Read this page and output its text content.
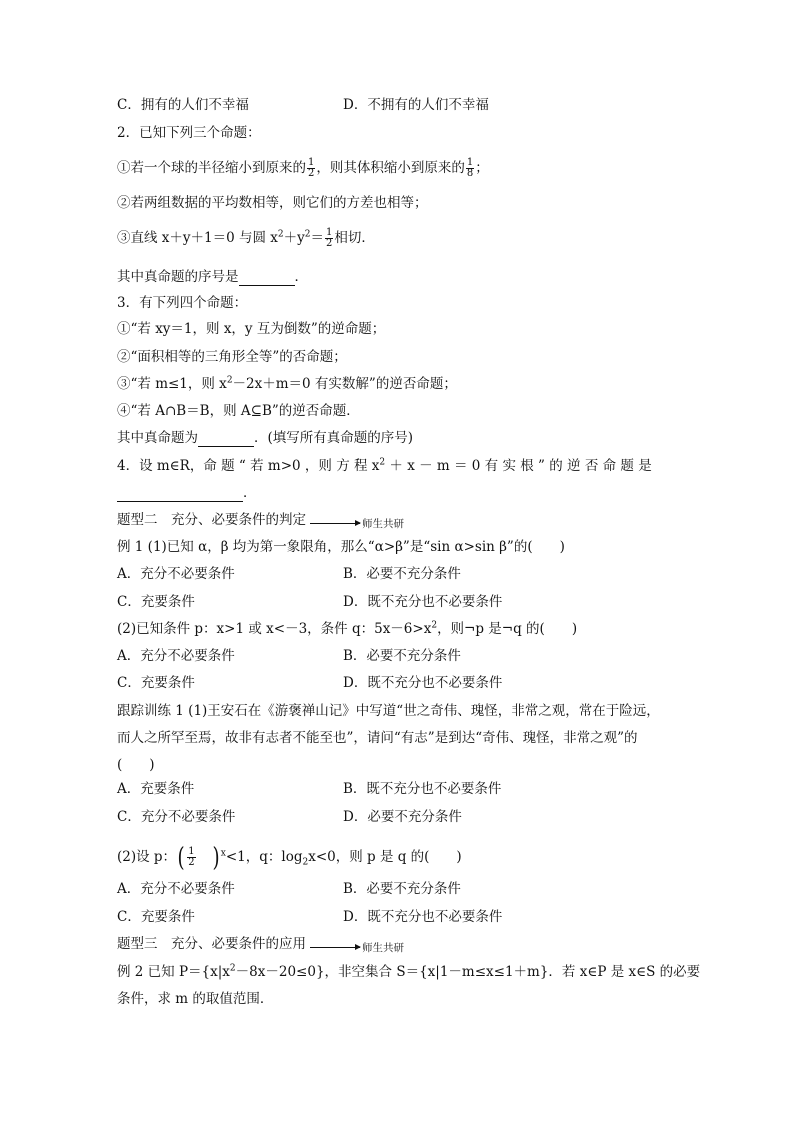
C．拥有的人们不幸福	D．不拥有的人们不幸福
2．已知下列三个命题：
①若一个球的半径缩小到原来的 $\frac{1}{2}$ ，则其体积缩小到原来的 $\frac{1}{8}$ ；
②若两组数据的平均数相等，则它们的方差也相等；
③直线 x＋y＋1＝0 与圆 $x^2+y^2= \frac{1}{2}$ 相切．
其中真命题的序号是	．
3．有下列四个命题：
①“若 xy＝1，则 x，y 互为倒数”的逆命题；
②“面积相等的三角形全等”的否命题；
③“若 m≤1，则 $x^2-2x+m=0$ 有实数解”的逆否命题；
④“若 A∩B＝B，则 A⊆B”的逆否命题．
其中真命题为	．(填写所有真命题的序号)
4．设 m∈R，命 题 “ 若 m>0 ，则 方 程 $x^2 + x - m = 0$ 有 实 根 ” 的 逆 否 命 题 是
．
题型二　充分、必要条件的判定	师生共研
例 1 (1)已知 α，β 均为第一象限角，那么“α>β”是“sin α>sin β”的(　　)
A．充分不必要条件	B．必要不充分条件
C．充要条件	D．既不充分也不必要条件
(2)已知条件 p：x>1 或 x<－3，条件 q：$5x-6>x^2$，则¬p 是¬q 的(　　)
A．充分不必要条件	B．必要不充分条件
C．充要条件	D．既不充分也不必要条件
跟踪训练 1 (1)王安石在《游褒禅山记》中写道“世之奇伟、瑰怪，非常之观，常在于险远，
而人之所罕至焉，故非有志者不能至也”，请问“有志”是到达“奇伟、瑰怪，非常之观”的
(　　)
A．充要条件	B．既不充分也不必要条件
C．充分不必要条件	D．必要不充分条件
(2)设 p：( $\frac{1}{2}$ ) $^x$<1，q：$\log_2x<0$，则 p 是 q 的(　　)
A．充分不必要条件	B．必要不充分条件
C．充要条件	D．既不充分也不必要条件
题型三　充分、必要条件的应用	师生共研
例 2 已知 $P=\{x|x^2-8x-20\le 0\}$，非空集合 S＝{x|1－m≤x≤1＋m}．若 x∈P 是 x∈S 的必要
条件，求 m 的取值范围．
